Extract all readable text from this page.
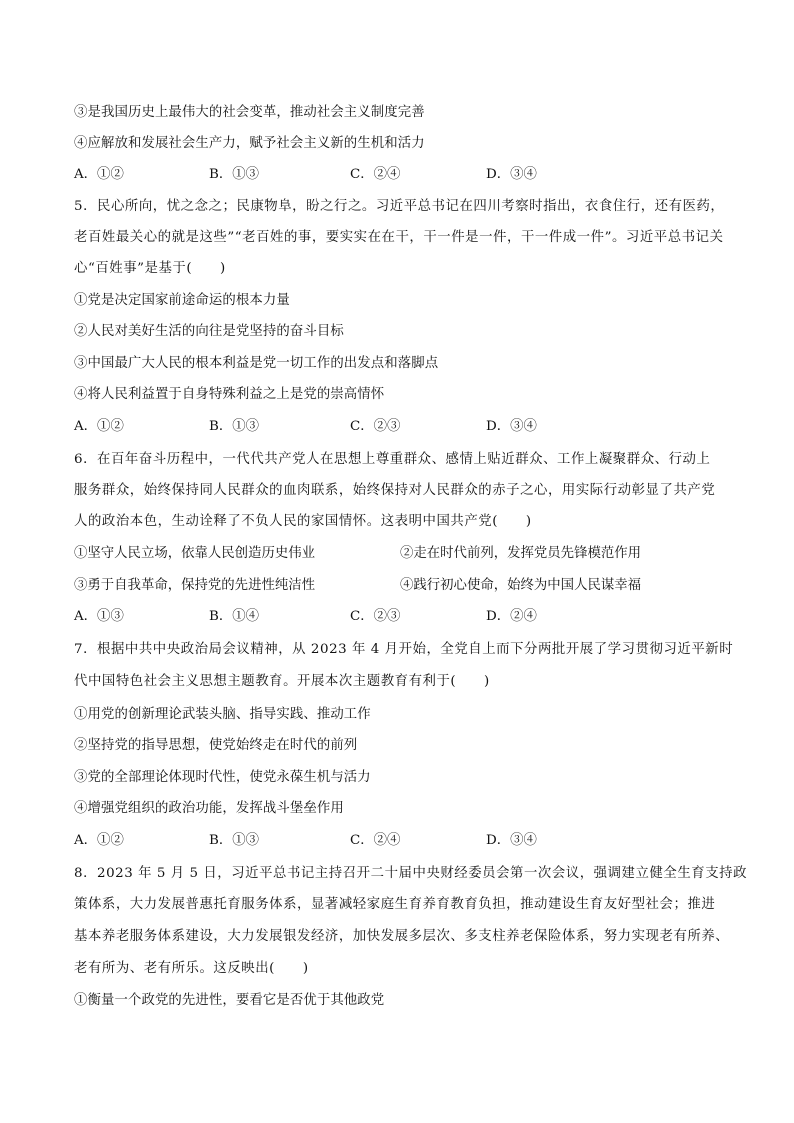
③是我国历史上最伟大的社会变革，推动社会主义制度完善
④应解放和发展社会生产力，赋予社会主义新的生机和活力
A．①②	B．①③	C．②④	D．③④
5．民心所向，忧之念之；民康物阜，盼之行之。习近平总书记在四川考察时指出，衣食住行，还有医药，
老百姓最关心的就是这些”“老百姓的事，要实实在在干，干一件是一件，干一件成一件”。习近平总书记关
心“百姓事”是基于(　　)
①党是决定国家前途命运的根本力量
②人民对美好生活的向往是党坚持的奋斗目标
③中国最广大人民的根本利益是党一切工作的出发点和落脚点
④将人民利益置于自身特殊利益之上是党的崇高情怀
A．①②	B．①③	C．②③	D．③④
6．在百年奋斗历程中，一代代共产党人在思想上尊重群众、感情上贴近群众、工作上凝聚群众、行动上
服务群众，始终保持同人民群众的血肉联系，始终保持对人民群众的赤子之心，用实际行动彰显了共产党
人的政治本色，生动诠释了不负人民的家国情怀。这表明中国共产党(　　)
①坚守人民立场，依靠人民创造历史伟业	②走在时代前列，发挥党员先锋模范作用
③勇于自我革命，保持党的先进性纯洁性	④践行初心使命，始终为中国人民谋幸福
A．①③	B．①④	C．②③	D．②④
7．根据中共中央政治局会议精神，从 2023 年 4 月开始，全党自上而下分两批开展了学习贯彻习近平新时
代中国特色社会主义思想主题教育。开展本次主题教育有利于(　　)
①用党的创新理论武装头脑、指导实践、推动工作
②坚持党的指导思想，使党始终走在时代的前列
③党的全部理论体现时代性，使党永葆生机与活力
④增强党组织的政治功能，发挥战斗堡垒作用
A．①②	B．①③	C．②④	D．③④
8．2023 年 5 月 5 日，习近平总书记主持召开二十届中央财经委员会第一次会议，强调建立健全生育支持政
策体系，大力发展普惠托育服务体系，显著减轻家庭生育养育教育负担，推动建设生育友好型社会；推进
基本养老服务体系建设，大力发展银发经济，加快发展多层次、多支柱养老保险体系，努力实现老有所养、
老有所为、老有所乐。这反映出(　　)
①衡量一个政党的先进性，要看它是否优于其他政党
